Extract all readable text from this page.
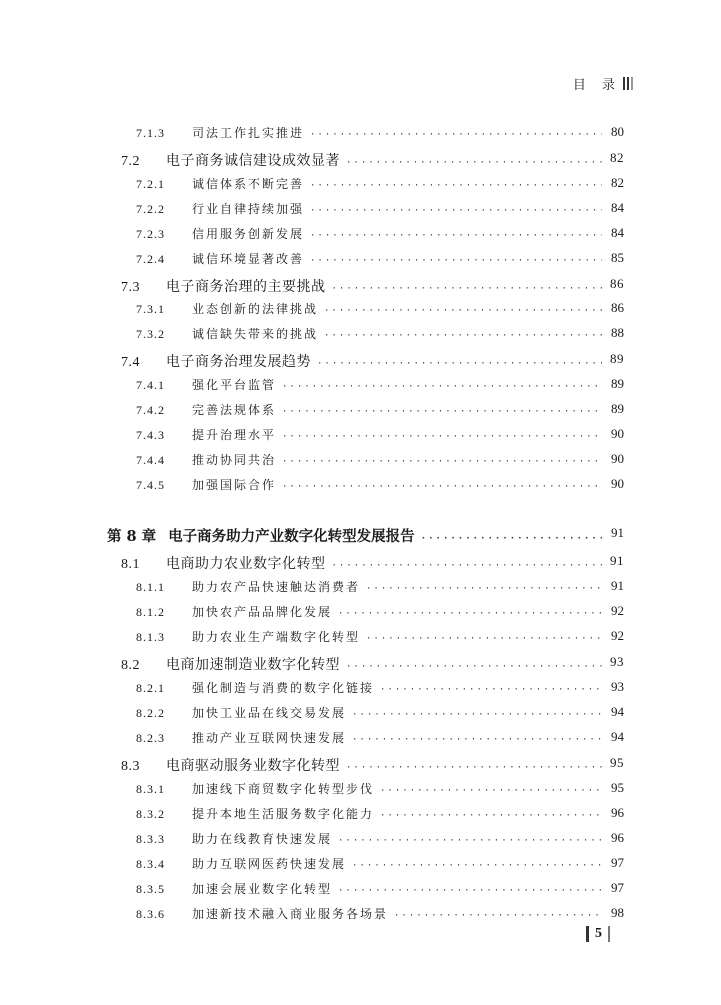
目 录
7.1.3	司法工作扎实推进 ·····	80
7.2	电子商务诚信建设成效显著 ·····	82
7.2.1	诚信体系不断完善 ·····	82
7.2.2	行业自律持续加强 ·····	84
7.2.3	信用服务创新发展 ·····	84
7.2.4	诚信环境显著改善 ·····	85
7.3	电子商务治理的主要挑战 ·····	86
7.3.1	业态创新的法律挑战 ·····	86
7.3.2	诚信缺失带来的挑战 ·····	88
7.4	电子商务治理发展趋势 ·····	89
7.4.1	强化平台监管 ·····	89
7.4.2	完善法规体系 ·····	89
7.4.3	提升治理水平 ·····	90
7.4.4	推动协同共治 ·····	90
7.4.5	加强国际合作 ·····	90
第 8 章 电子商务助力产业数字化转型发展报告 ·····	91
8.1	电商助力农业数字化转型 ·····	91
8.1.1	助力农产品快速触达消费者 ·····	91
8.1.2	加快农产品品牌化发展 ·····	92
8.1.3	助力农业生产端数字化转型 ·····	92
8.2	电商加速制造业数字化转型 ·····	93
8.2.1	强化制造与消费的数字化链接 ·····	93
8.2.2	加快工业品在线交易发展 ·····	94
8.2.3	推动产业互联网快速发展 ·····	94
8.3	电商驱动服务业数字化转型 ·····	95
8.3.1	加速线下商贸数字化转型步伐 ·····	95
8.3.2	提升本地生活服务数字化能力 ·····	96
8.3.3	助力在线教育快速发展 ·····	96
8.3.4	助力互联网医药快速发展 ·····	97
8.3.5	加速会展业数字化转型 ·····	97
8.3.6	加速新技术融入商业服务各场景 ·····	98
5
